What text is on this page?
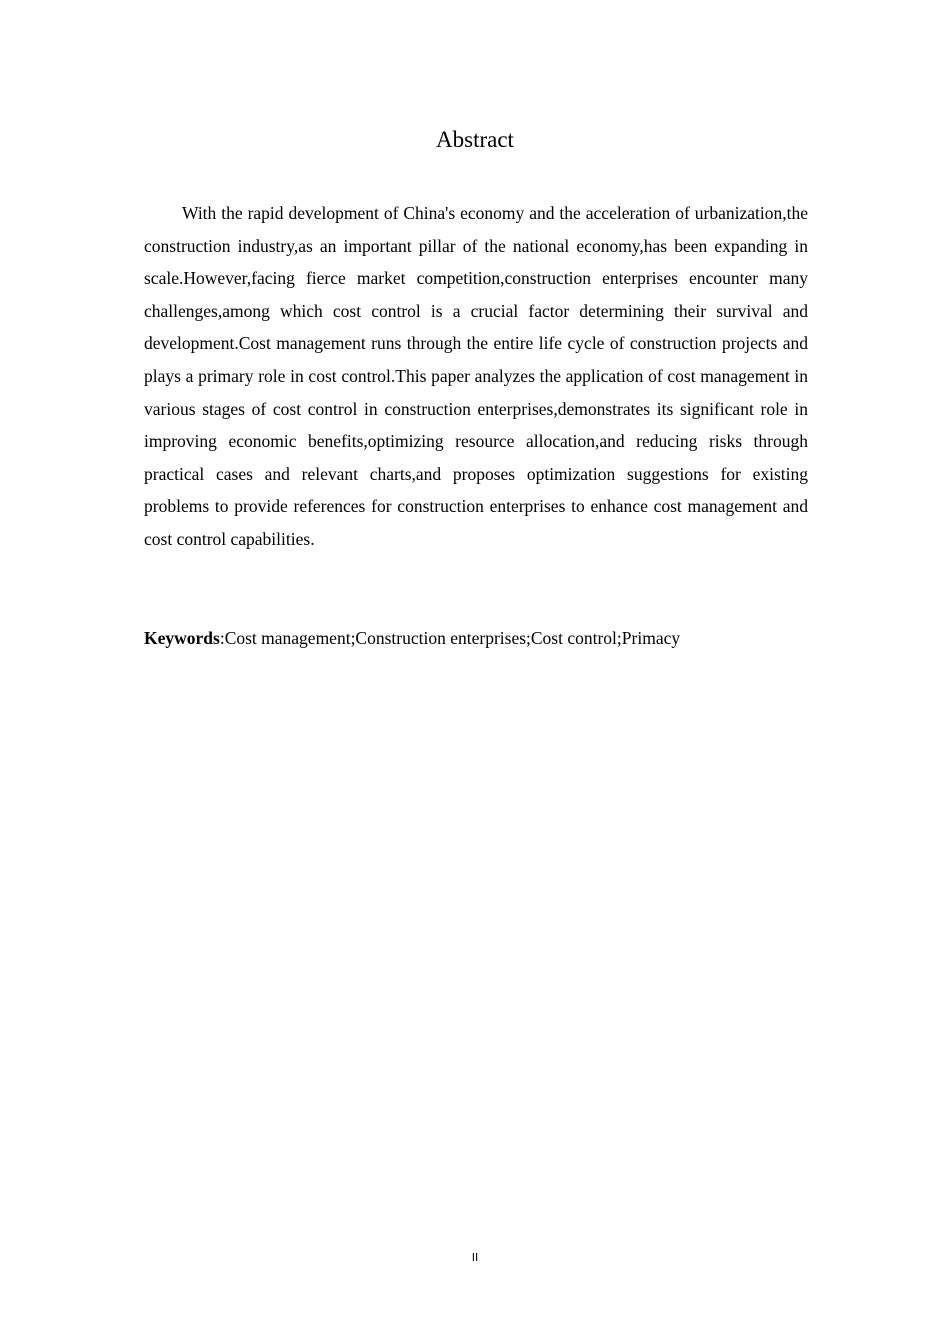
Abstract

With the rapid development of China's economy and the acceleration of urbanization,the construction industry,as an important pillar of the national economy,has been expanding in scale.However,facing fierce market competition,construction enterprises encounter many challenges,among which cost control is a crucial factor determining their survival and development.Cost management runs through the entire life cycle of construction projects and plays a primary role in cost control.This paper analyzes the application of cost management in various stages of cost control in construction enterprises,demonstrates its significant role in improving economic benefits,optimizing resource allocation,and reducing risks through practical cases and relevant charts,and proposes optimization suggestions for existing problems to provide references for construction enterprises to enhance cost management and cost control capabilities.

Keywords:Cost management;Construction enterprises;Cost control;Primacy

II
